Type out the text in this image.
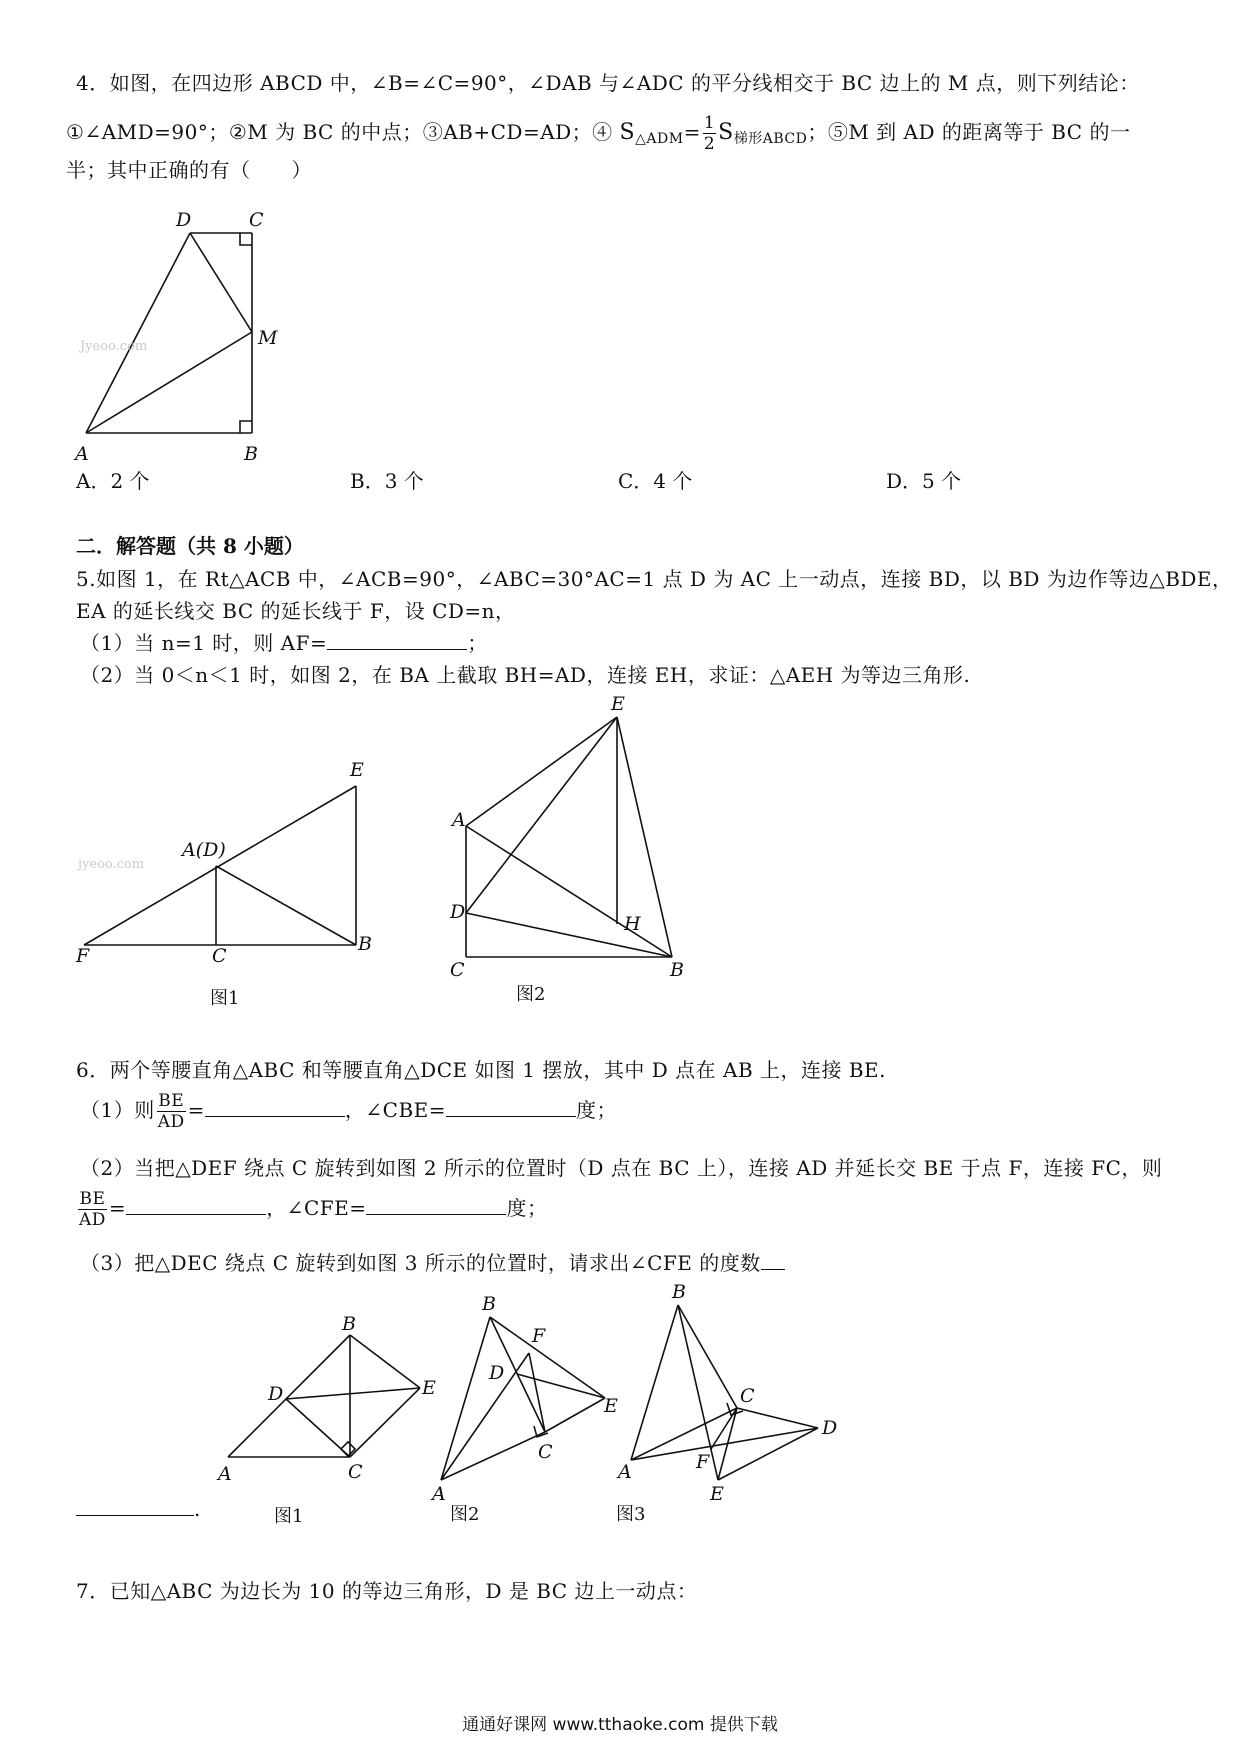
4．如图，在四边形 ABCD 中，∠B=∠C=90°，∠DAB 与∠ADC 的平分线相交于 BC 边上的 M 点，则下列结论：
①∠AMD=90°；②M 为 BC 的中点；③AB+CD=AD；④ $S_{\triangle ADM}= \frac{1}{2} S_{梯形ABCD}$；⑤M 到 AD 的距离等于 BC 的一
半；其中正确的有（　　）
D	C
M
A	B
Jyeoo.com
A．2 个	B．3 个	C．4 个	D．5 个
二．解答题（共 8 小题）
5.如图 1，在 Rt△ACB 中，∠ACB=90°，∠ABC=30°AC=1 点 D 为 AC 上一动点，连接 BD，以 BD 为边作等边△BDE，
EA 的延长线交 BC 的延长线于 F，设 CD=n，
（1）当 n=1 时，则 AF=	；
（2）当 0＜n＜1 时，如图 2，在 BA 上截取 BH=AD，连接 EH，求证：△AEH 为等边三角形.
E
A(D)
F	C
B
图1
jyeoo.com
E
A
D
H
C	B
图2
6．两个等腰直角△ABC 和等腰直角△DCE 如图 1 摆放，其中 D 点在 AB 上，连接 BE.
（1）则 $\frac{BE}{AD}$ =	，∠CBE=	度；
（2）当把△DEF 绕点 C 旋转到如图 2 所示的位置时（D 点在 BC 上），连接 AD 并延长交 BE 于点 F，连接 FC，则
$\frac{BE}{AD}$ =	，∠CFE=	度；
（3）把△DEC 绕点 C 旋转到如图 3 所示的位置时，请求出∠CFE 的度数
B
D	E
A	C
图1
B
F
D
E
C
A
图2
B
C
D
A	F
E
图3
.
7．已知△ABC 为边长为 10 的等边三角形，D 是 BC 边上一动点：
通通好课网 www.tthaoke.com 提供下载
